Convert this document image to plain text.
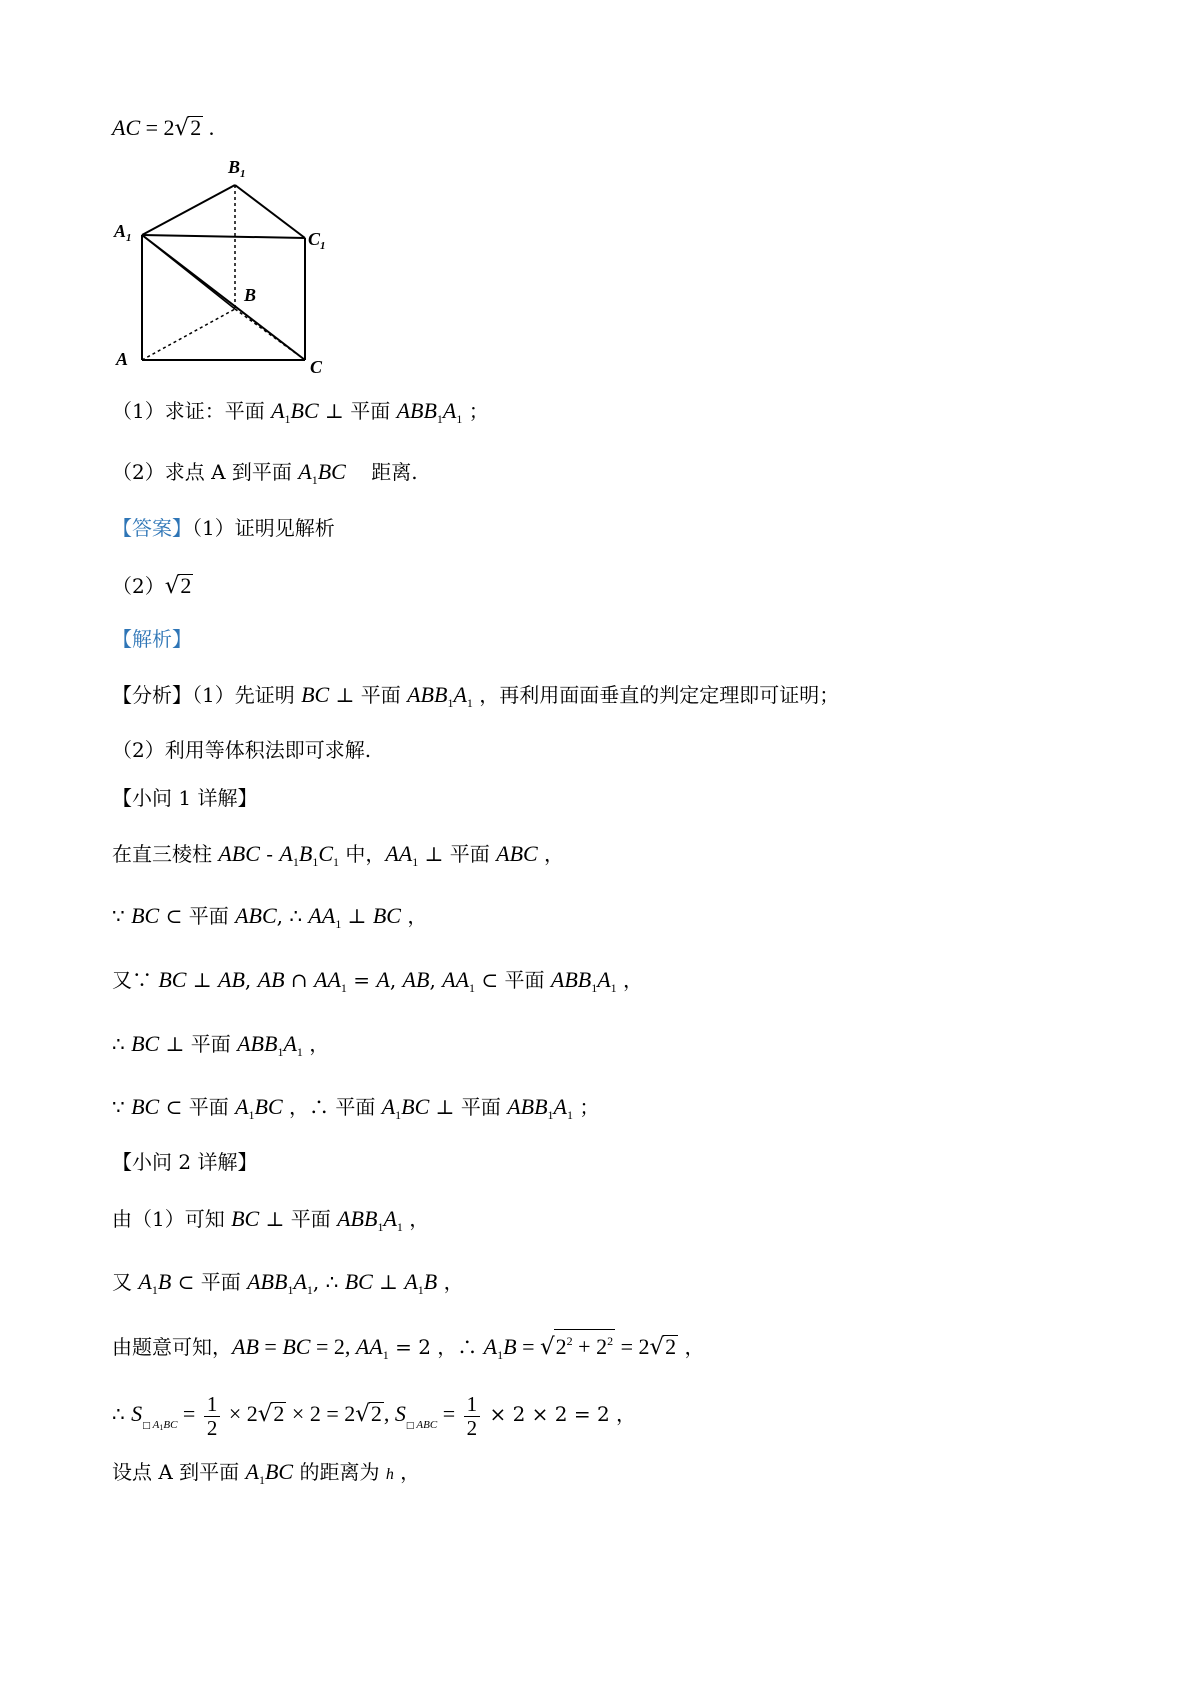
AC = 2√2 .
$B_1$
$A_1$	$C_1$
B
A	C
（1）求证：平面 $A_1BC$ ⊥ 平面 $ABB_1A_1$ ；
（2）求点 A 到平面 $A_1BC$    距离.
【答案】（1）证明见解析
（2）√2
【解析】
【分析】（1）先证明 BC ⊥ 平面 $ABB_1A_1$ ，再利用面面垂直的判定定理即可证明；
（2）利用等体积法即可求解.
【小问 1 详解】
在直三棱柱 ABC - $A_1B_1C_1$ 中，$AA_1$ ⊥ 平面 ABC ，
∵ BC ⊂ 平面 ABC, ∴ $AA_1$ ⊥ BC ，
又∵ BC ⊥ AB, AB ∩ $AA_1 = A$, AB, $AA_1$ ⊂ 平面 $ABB_1A_1$ ，
∴ BC ⊥ 平面 $ABB_1A_1$ ，
∵ BC ⊂ 平面 $A_1BC$ ，∴ 平面 $A_1BC$ ⊥ 平面 $ABB_1A_1$ ；
【小问 2 详解】
由（1）可知 BC ⊥ 平面 $ABB_1A_1$ ，
又 $A_1B$ ⊂ 平面 $ABB_1A_1$, ∴ BC ⊥ $A_1B$ ，
由题意可知，AB = BC = 2, $AA_1 = 2$ ，∴ $A_1B = √2^2 + 2^2 = 2√2$ ，
∴ $S_{□ A1BC} = \frac{1}{2} \times 2√2 \times 2 = 2√2$, $S_{□ ABC} = \frac{1}{2} \times 2 \times 2 = 2$ ，
设点 A 到平面 $A_1BC$ 的距离为 h ，
